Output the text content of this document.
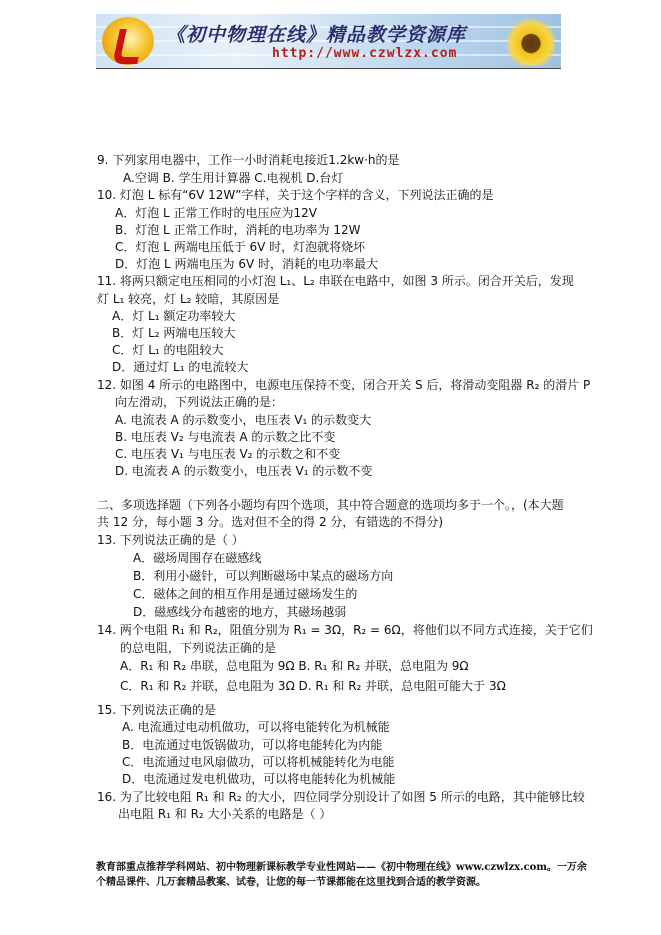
《初中物理在线》精品教学资源库
http://www.czwlzx.com
9. 下列家用电器中，工作一小时消耗电接近1.2kw·h的是
A.空调 B. 学生用计算器 C.电视机 D.台灯
10. 灯泡 L 标有“6V 12W”字样，关于这个字样的含义，下列说法正确的是
A．灯泡 L 正常工作时的电压应为12V
B．灯泡 L 正常工作时，消耗的电功率为 12W
C．灯泡 L 两端电压低于 6V 时，灯泡就将烧坏
D．灯泡 L 两端电压为 6V 时，消耗的电功率最大
11. 将两只额定电压相同的小灯泡 L₁、L₂ 串联在电路中，如图 3 所示。闭合开关后，发现
灯 L₁ 较亮，灯 L₂ 较暗，其原因是
A．灯 L₁ 额定功率较大
B．灯 L₂ 两端电压较大
C．灯 L₁ 的电阻较大
D．通过灯 L₁ 的电流较大
12. 如图 4 所示的电路图中，电源电压保持不变，闭合开关 S 后，将滑动变阻器 R₂ 的滑片 P
向左滑动，下列说法正确的是：
A. 电流表 A 的示数变小，电压表 V₁ 的示数变大
B. 电压表 V₂ 与电流表 A 的示数之比不变
C. 电压表 V₁ 与电压表 V₂ 的示数之和不变
D. 电流表 A 的示数变小，电压表 V₁ 的示数不变
二、多项选择题（下列各小题均有四个选项，其中符合题意的选项均多于一个。，(本大题
共 12 分，每小题 3 分。选对但不全的得 2 分，有错选的不得分)
13. 下列说法正确的是（ ）
A．磁场周围存在磁感线
B．利用小磁针，可以判断磁场中某点的磁场方向
C．磁体之间的相互作用是通过磁场发生的
D．磁感线分布越密的地方，其磁场越弱
14. 两个电阻 R₁ 和 R₂，阻值分别为 R₁ = 3Ω，R₂ = 6Ω，将他们以不同方式连接，关于它们
的总电阻，下列说法正确的是
A．R₁ 和 R₂ 串联，总电阻为 9Ω B. R₁ 和 R₂ 并联，总电阻为 9Ω
C．R₁ 和 R₂ 并联，总电阻为 3Ω D. R₁ 和 R₂ 并联，总电阻可能大于 3Ω
15. 下列说法正确的是
A. 电流通过电动机做功，可以将电能转化为机械能
B．电流通过电饭锅做功，可以将电能转化为内能
C．电流通过电风扇做功，可以将机械能转化为电能
D．电流通过发电机做功，可以将电能转化为机械能
16. 为了比较电阻 R₁ 和 R₂ 的大小，四位同学分别设计了如图 5 所示的电路，其中能够比较
出电阻 R₁ 和 R₂ 大小关系的电路是（ ）
教育部重点推荐学科网站、初中物理新课标教学专业性网站——《初中物理在线》www.czwlzx.com。一万余
个精品课件、几万套精品教案、试卷，让您的每一节课都能在这里找到合适的教学资源。
